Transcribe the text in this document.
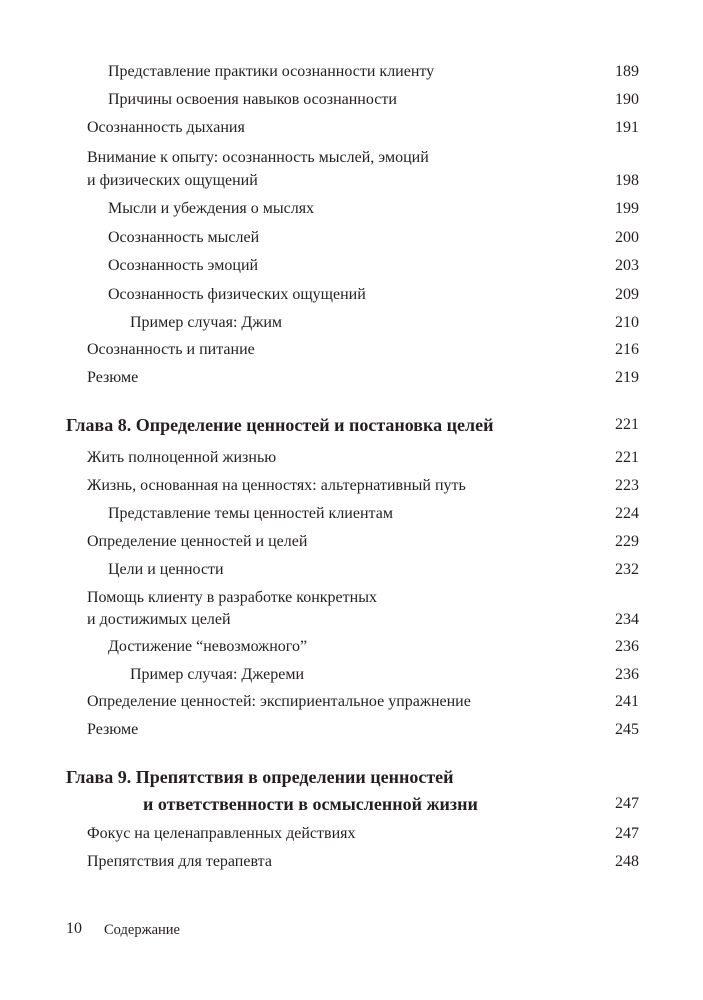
Представление практики осознанности клиенту	189
Причины освоения навыков осознанности	190
Осознанность дыхания	191
Внимание к опыту: осознанность мыслей, эмоций
и физических ощущений	198
Мысли и убеждения о мыслях	199
Осознанность мыслей	200
Осознанность эмоций	203
Осознанность физических ощущений	209
Пример случая: Джим	210
Осознанность и питание	216
Резюме	219
Глава 8. Определение ценностей и постановка целей	221
Жить полноценной жизнью	221
Жизнь, основанная на ценностях: альтернативный путь	223
Представление темы ценностей клиентам	224
Определение ценностей и целей	229
Цели и ценности	232
Помощь клиенту в разработке конкретных
и достижимых целей	234
Достижение “невозможного”	236
Пример случая: Джереми	236
Определение ценностей: экспириентальное упражнение	241
Резюме	245
Глава 9. Препятствия в определении ценностей
и ответственности в осмысленной жизни	247
Фокус на целенаправленных действиях	247
Препятствия для терапевта	248
10 Содержание
